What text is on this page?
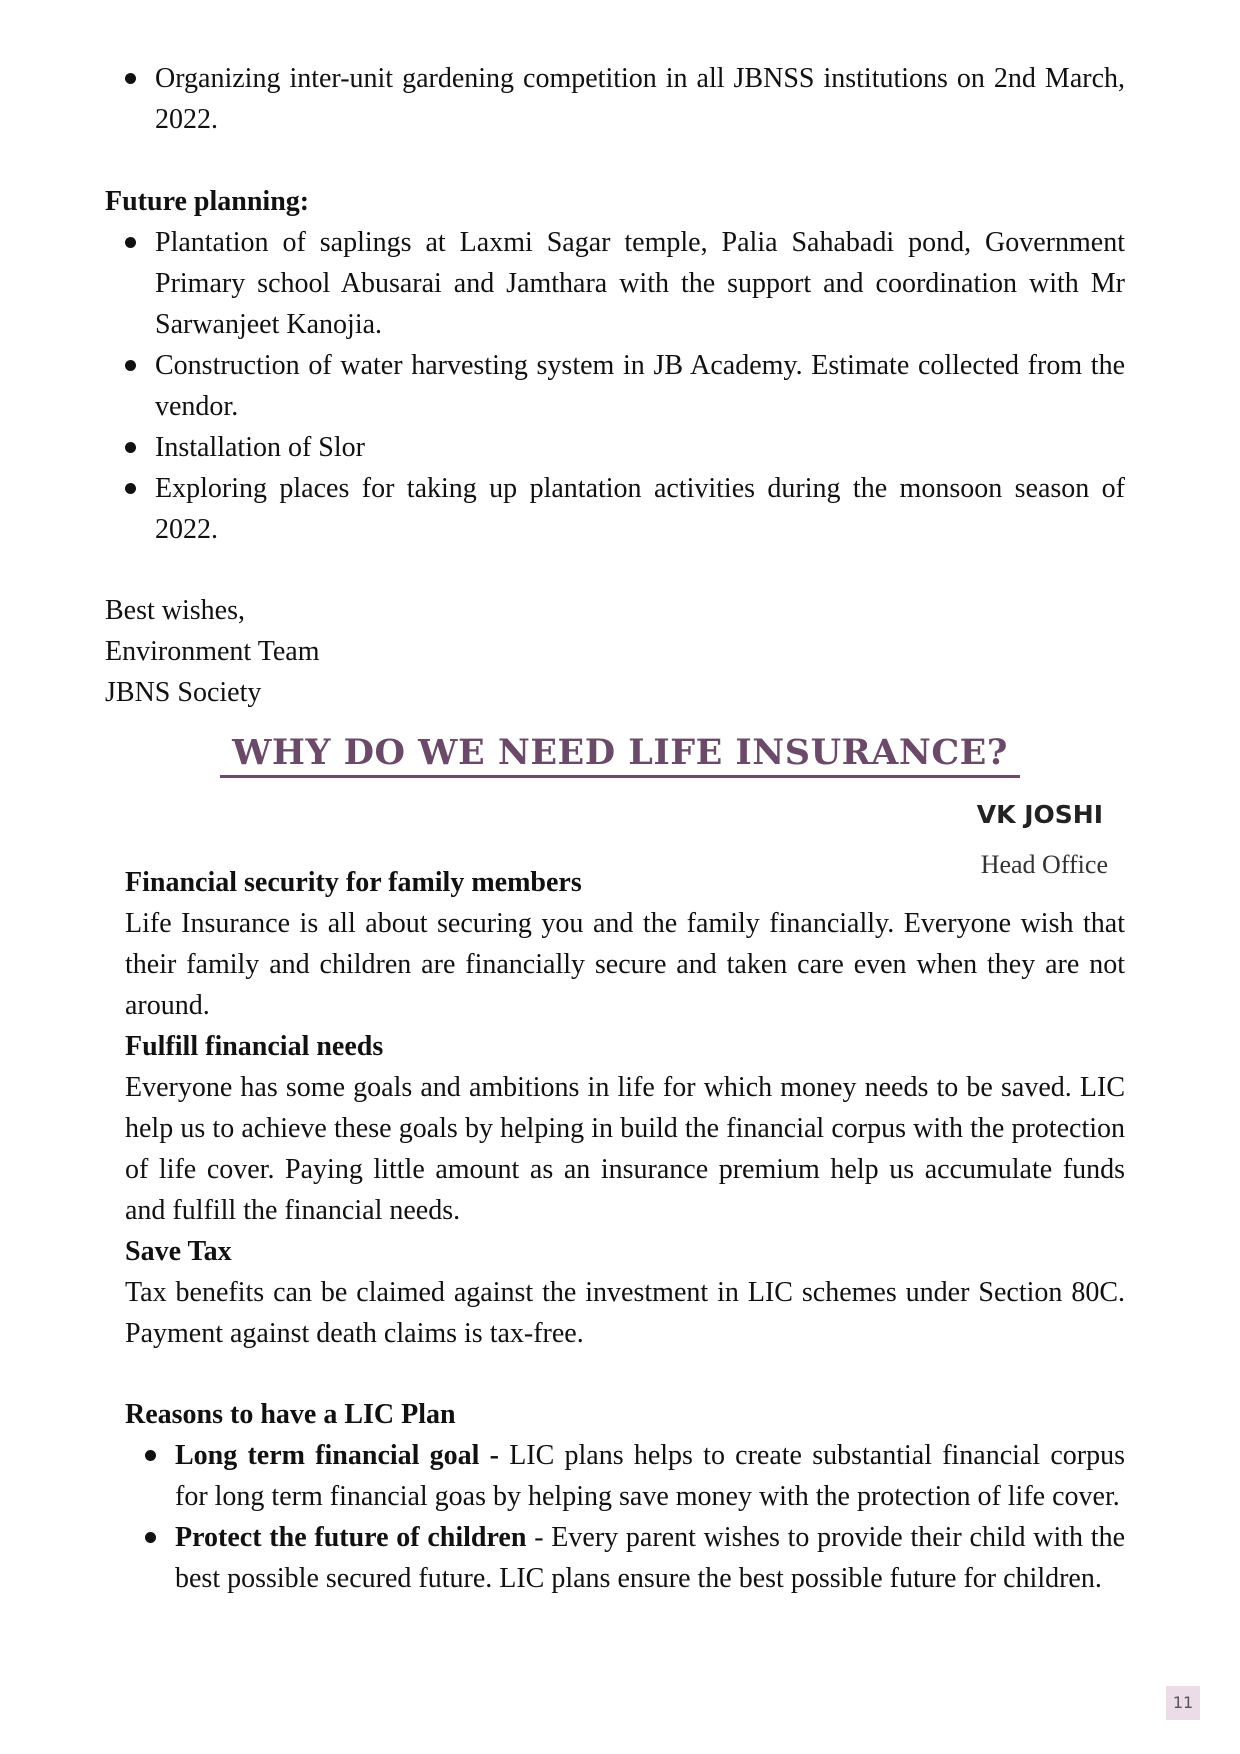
Organizing inter-unit gardening competition in all JBNSS institutions on 2nd March, 2022.

Future planning:

Plantation of saplings at Laxmi Sagar temple, Palia Sahabadi pond, Government Primary school Abusarai and Jamthara with the support and coordination with Mr Sarwanjeet Kanojia.
Construction of water harvesting system in JB Academy. Estimate collected from the vendor.
Installation of Slor
Exploring places for taking up plantation activities during the monsoon season of 2022.

Best wishes,

Environment Team

JBNS Society

WHY DO WE NEED LIFE INSURANCE?
VK JOSHI
Head Office

Financial security for family members

Life Insurance is all about securing you and the family financially. Everyone wish that their family and children are financially secure and taken care even when they are not around.

Fulfill financial needs

Everyone has some goals and ambitions in life for which money needs to be saved. LIC help us to achieve these goals by helping in build the financial corpus with the protection of life cover. Paying little amount as an insurance premium help us accumulate funds and fulfill the financial needs.

Save Tax

Tax benefits can be claimed against the investment in LIC schemes under Section 80C. Payment against death claims is tax-free.

Reasons to have a LIC Plan

Long term financial goal - LIC plans helps to create substantial financial corpus for long term financial goas by helping save money with the protection of life cover.
Protect the future of children - Every parent wishes to provide their child with the best possible secured future. LIC plans ensure the best possible future for children.
11
